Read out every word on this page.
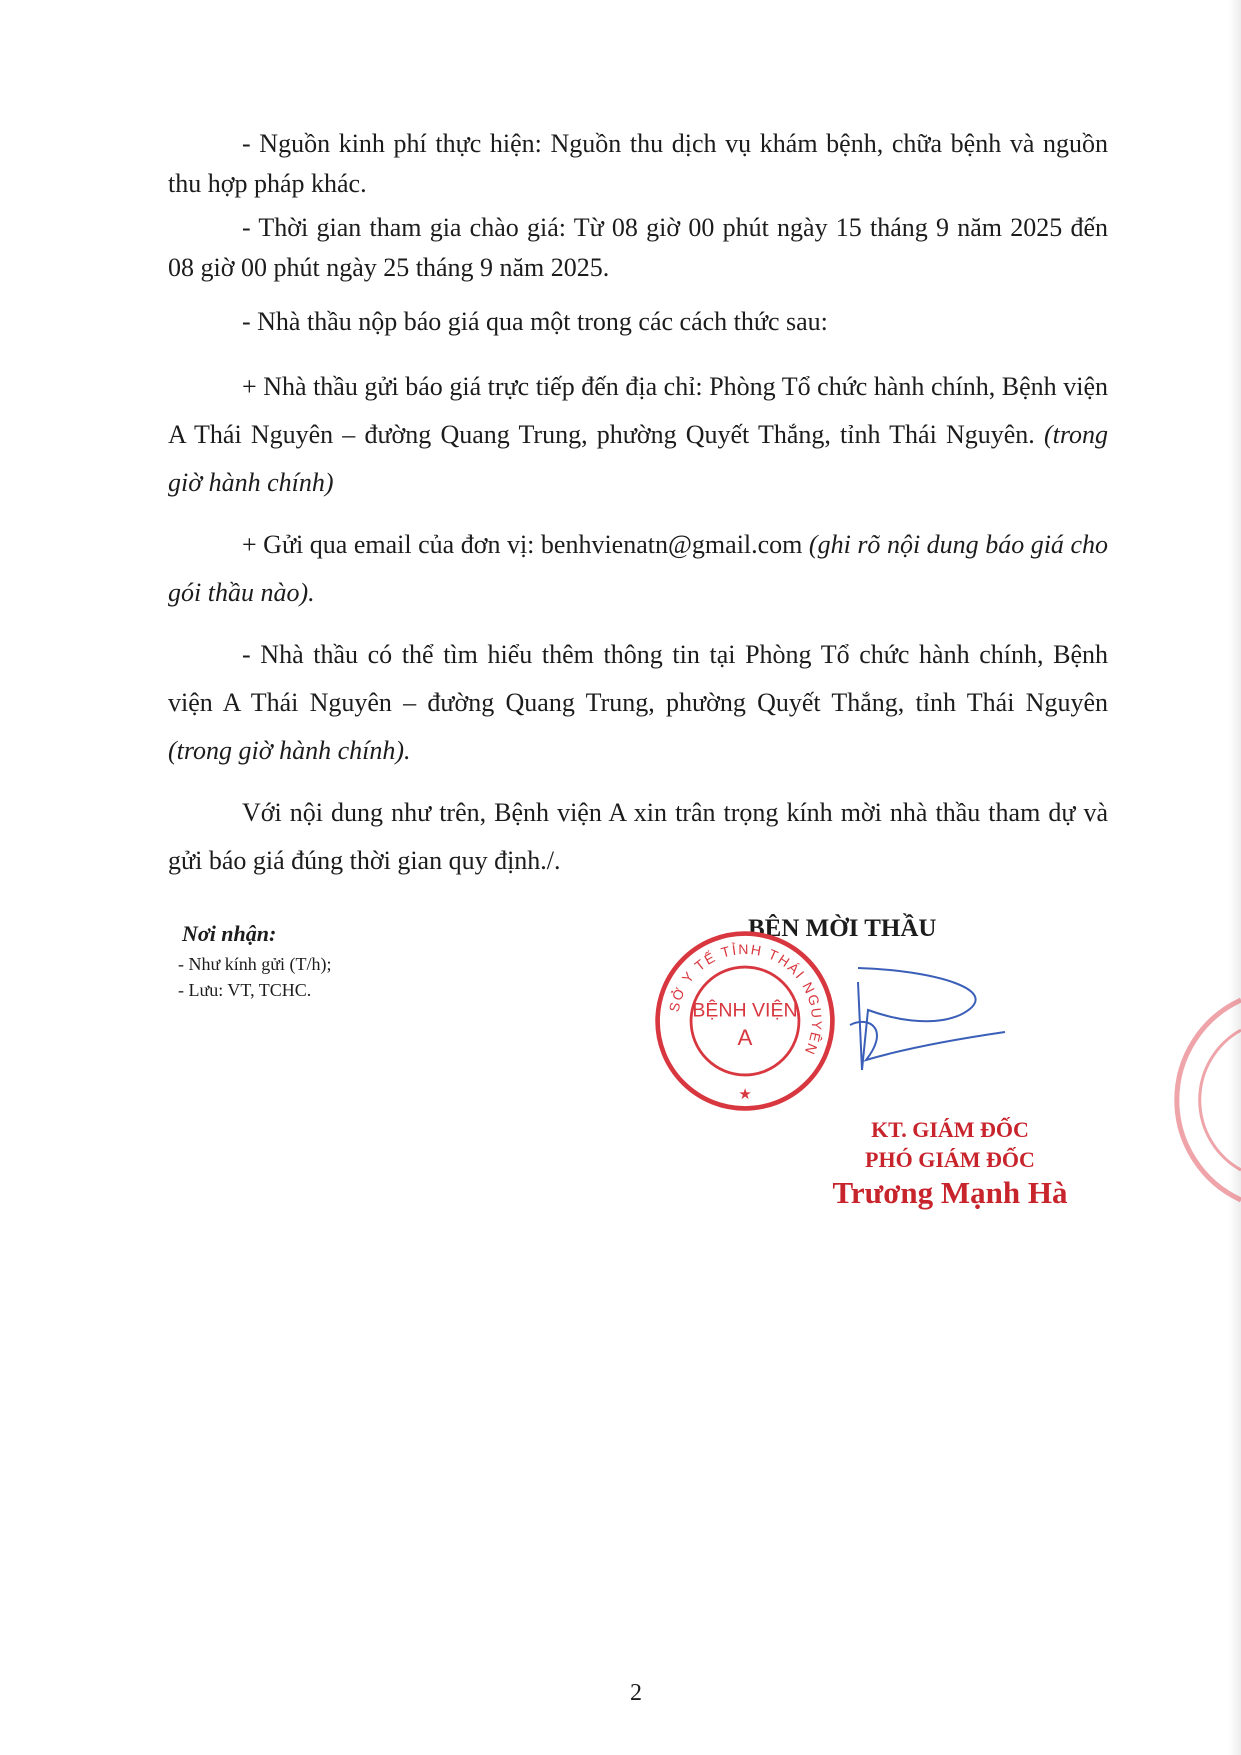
- Nguồn kinh phí thực hiện: Nguồn thu dịch vụ khám bệnh, chữa bệnh và nguồn thu hợp pháp khác.

- Thời gian tham gia chào giá: Từ 08 giờ 00 phút ngày 15 tháng 9 năm 2025 đến 08 giờ 00 phút ngày 25 tháng 9 năm 2025.

- Nhà thầu nộp báo giá qua một trong các cách thức sau:

+ Nhà thầu gửi báo giá trực tiếp đến địa chỉ: Phòng Tổ chức hành chính, Bệnh viện A Thái Nguyên – đường Quang Trung, phường Quyết Thắng, tỉnh Thái Nguyên. (trong giờ hành chính)

+ Gửi qua email của đơn vị: benhvienatn@gmail.com (ghi rõ nội dung báo giá cho gói thầu nào).

- Nhà thầu có thể tìm hiểu thêm thông tin tại Phòng Tổ chức hành chính, Bệnh viện A Thái Nguyên – đường Quang Trung, phường Quyết Thắng, tỉnh Thái Nguyên (trong giờ hành chính).

Với nội dung như trên, Bệnh viện A xin trân trọng kính mời nhà thầu tham dự và gửi báo giá đúng thời gian quy định./.

Nơi nhận:

- Như kính gửi (T/h);

- Lưu: VT, TCHC.

BÊN MỜI THẦU
SỞ Y TẾ TỈNH THÁI NGUYÊN
BỆNH VIỆN
A
★
KT. GIÁM ĐỐC
PHÓ GIÁM ĐỐC
Trương Mạnh Hà
2
